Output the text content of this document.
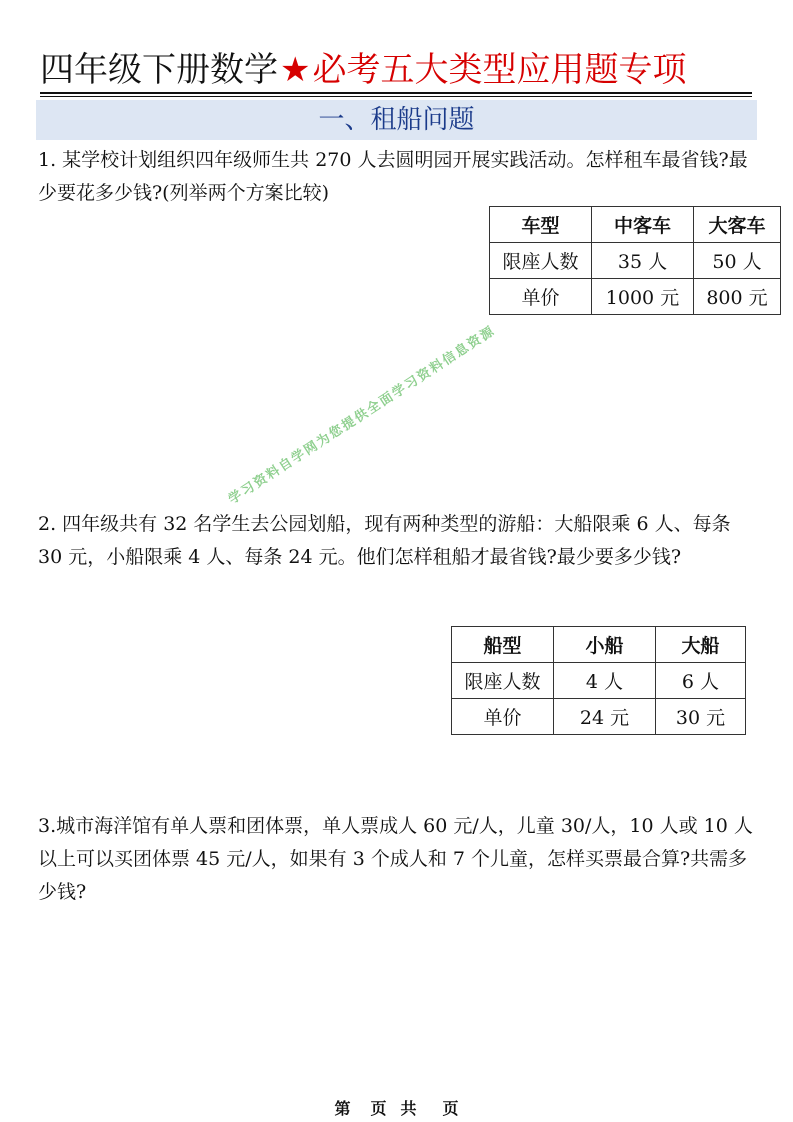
四年级下册数学★必考五大类型应用题专项
一、租船问题
1. 某学校计划组织四年级师生共 270 人去圆明园开展实践活动。怎样租车最省钱?最少要花多少钱?(列举两个方案比较)
车型	中客车	大客车
限座人数	35 人	50 人
单价	1000 元	800 元
学习资料自学网为您提供全面学习资料信息资源
2. 四年级共有 32 名学生去公园划船，现有两种类型的游船：大船限乘 6 人、每条 30 元，小船限乘 4 人、每条 24 元。他们怎样租船才最省钱?最少要多少钱?
船型	小船	大船
限座人数	4 人	6 人
单价	24 元	30 元
3.城市海洋馆有单人票和团体票，单人票成人 60 元/人，儿童 30/人，10 人或 10 人以上可以买团体票 45 元/人，如果有 3 个成人和 7 个儿童，怎样买票最合算?共需多少钱?
第 页 共 页
